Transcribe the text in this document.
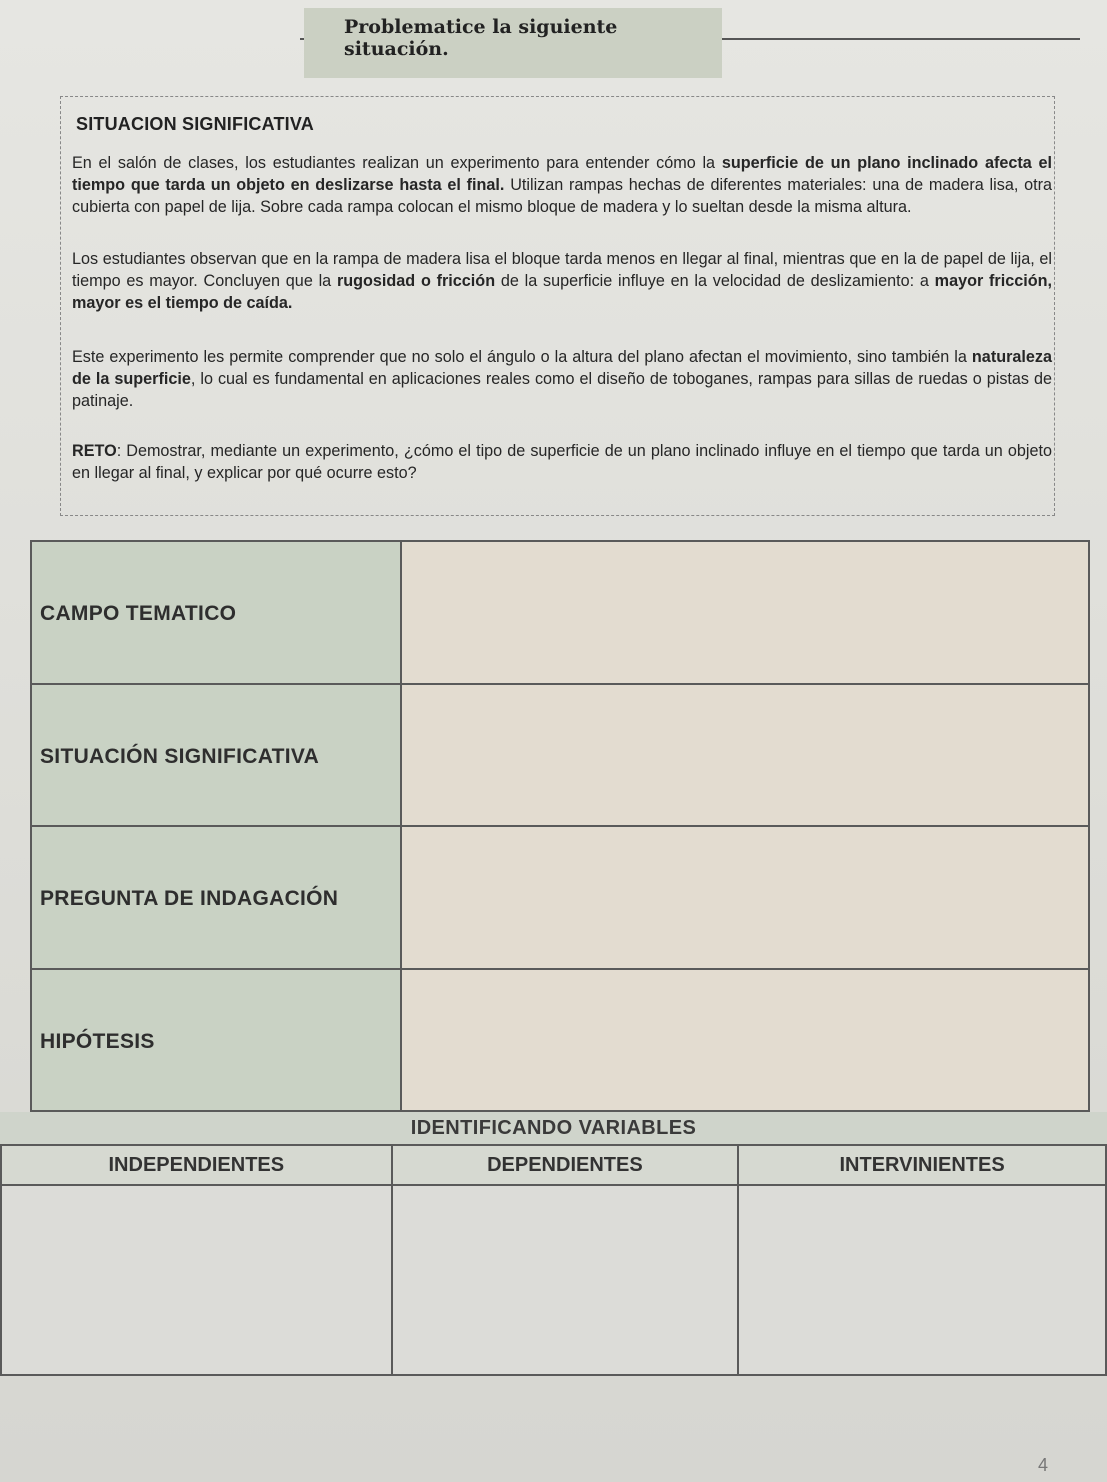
Problematice la siguiente situación.
SITUACION SIGNIFICATIVA

En el salón de clases, los estudiantes realizan un experimento para entender cómo la superficie de un plano inclinado afecta el tiempo que tarda un objeto en deslizarse hasta el final. Utilizan rampas hechas de diferentes materiales: una de madera lisa, otra cubierta con papel de lija. Sobre cada rampa colocan el mismo bloque de madera y lo sueltan desde la misma altura.

Los estudiantes observan que en la rampa de madera lisa el bloque tarda menos en llegar al final, mientras que en la de papel de lija, el tiempo es mayor. Concluyen que la rugosidad o fricción de la superficie influye en la velocidad de deslizamiento: a mayor fricción, mayor es el tiempo de caída.

Este experimento les permite comprender que no solo el ángulo o la altura del plano afectan el movimiento, sino también la naturaleza de la superficie, lo cual es fundamental en aplicaciones reales como el diseño de toboganes, rampas para sillas de ruedas o pistas de patinaje.

RETO: Demostrar, mediante un experimento, ¿cómo el tipo de superficie de un plano inclinado influye en el tiempo que tarda un objeto en llegar al final, y explicar por qué ocurre esto?

CAMPO TEMATICO	
SITUACIÓN SIGNIFICATIVA	
PREGUNTA DE INDAGACIÓN	
HIPÓTESIS	
IDENTIFICANDO VARIABLES
INDEPENDIENTES	DEPENDIENTES	INTERVINIENTES

4
